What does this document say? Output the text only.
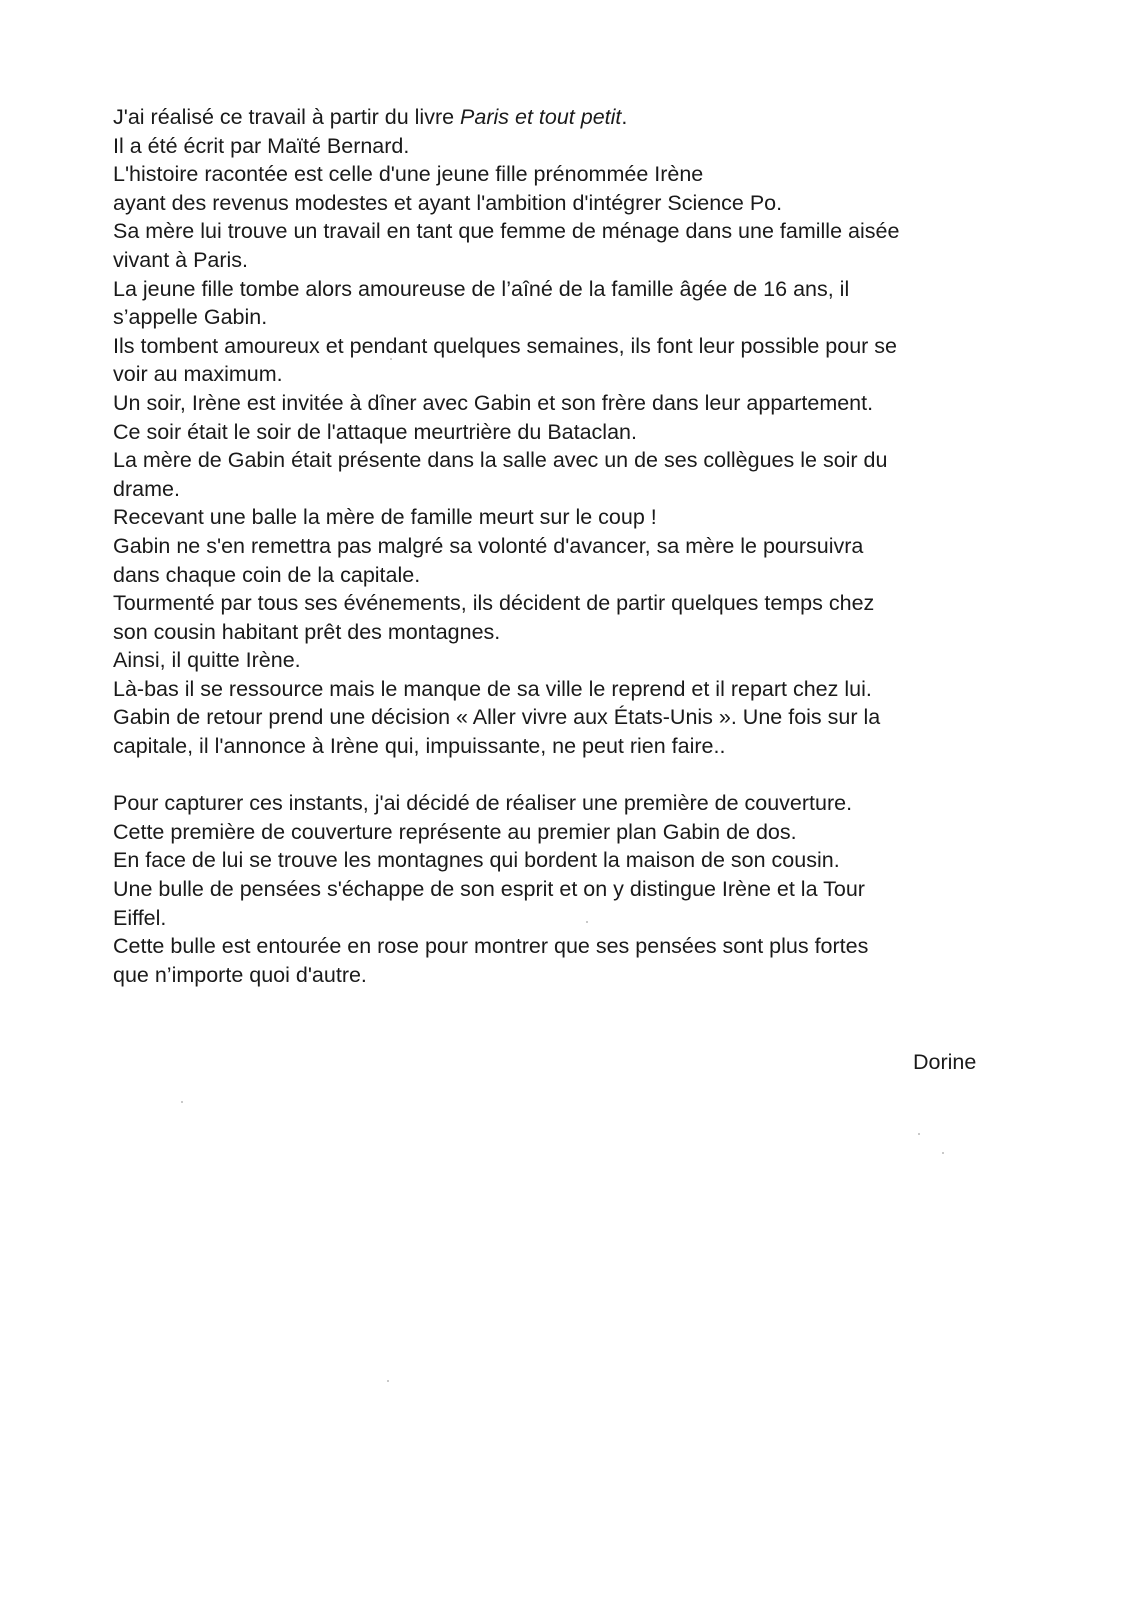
J'ai réalisé ce travail à partir du livre Paris et tout petit.
Il a été écrit par Maïté Bernard.
L'histoire racontée est celle d'une jeune fille prénommée Irène
ayant des revenus modestes et ayant l'ambition d'intégrer Science Po.
Sa mère lui trouve un travail en tant que femme de ménage dans une famille aisée
vivant à Paris.
La jeune fille tombe alors amoureuse de l’aîné de la famille âgée de 16 ans, il
s’appelle Gabin.
Ils tombent amoureux et pendant quelques semaines, ils font leur possible pour se
voir au maximum.
Un soir, Irène est invitée à dîner avec Gabin et son frère dans leur appartement.
Ce soir était le soir de l'attaque meurtrière du Bataclan.
La mère de Gabin était présente dans la salle avec un de ses collègues le soir du
drame.
Recevant une balle la mère de famille meurt sur le coup !
Gabin ne s'en remettra pas malgré sa volonté d'avancer, sa mère le poursuivra
dans chaque coin de la capitale.
Tourmenté par tous ses événements, ils décident de partir quelques temps chez
son cousin habitant prêt des montagnes.
Ainsi, il quitte Irène.
Là-bas il se ressource mais le manque de sa ville le reprend et il repart chez lui.
Gabin de retour prend une décision « Aller vivre aux États-Unis ». Une fois sur la
capitale, il l'annonce à Irène qui, impuissante, ne peut rien faire..
Pour capturer ces instants, j'ai décidé de réaliser une première de couverture.
Cette première de couverture représente au premier plan Gabin de dos.
En face de lui se trouve les montagnes qui bordent la maison de son cousin.
Une bulle de pensées s'échappe de son esprit et on y distingue Irène et la Tour
Eiffel.
Cette bulle est entourée en rose pour montrer que ses pensées sont plus fortes
que n’importe quoi d'autre.
Dorine
